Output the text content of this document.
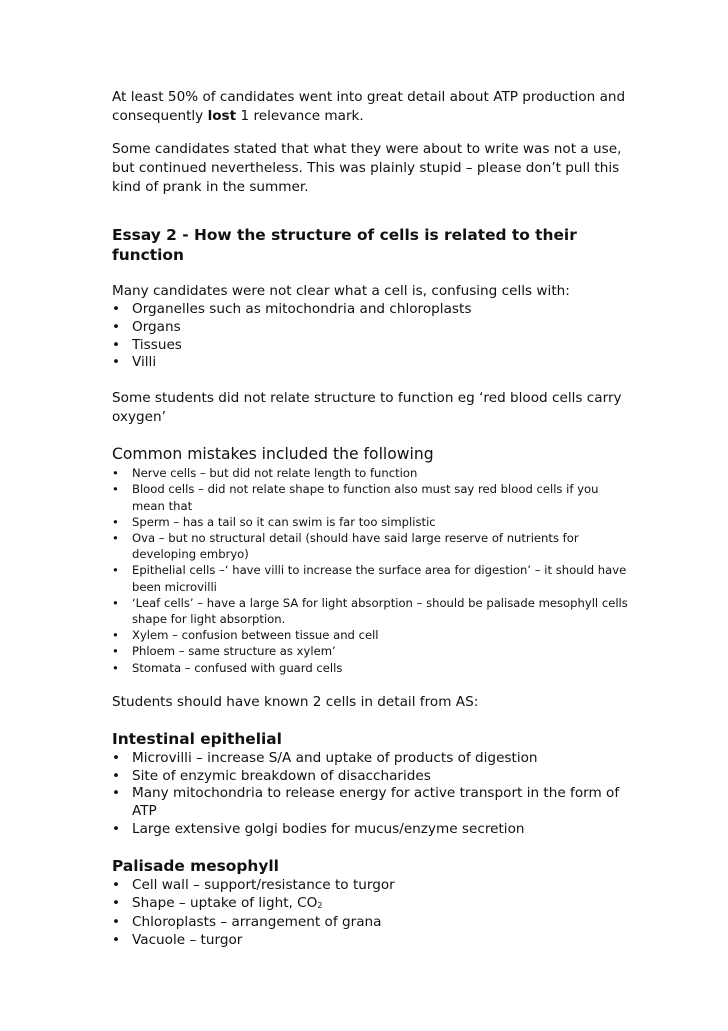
At least 50% of candidates went into great detail about ATP production and consequently lost 1 relevance mark.

Some candidates stated that what they were about to write was not a use, but continued nevertheless. This was plainly stupid – please don’t pull this kind of prank in the summer.

Essay 2 - How the structure of cells is related to their function

Many candidates were not clear what a cell is, confusing cells with:

• Organelles such as mitochondria and chloroplasts
• Organs
• Tissues
• Villi

Some students did not relate structure to function eg ‘red blood cells carry oxygen’

Common mistakes included the following
• Nerve cells – but did not relate length to function
• Blood cells – did not relate shape to function also must say red blood cells if you mean that
• Sperm – has a tail so it can swim is far too simplistic
• Ova – but no structural detail (should have said large reserve of nutrients for developing embryo)
• Epithelial cells –‘ have villi to increase the surface area for digestion’ – it should have been microvilli
• ‘Leaf cells’ – have a large SA for light absorption – should be palisade mesophyll cells shape for light absorption.
• Xylem – confusion between tissue and cell
• Phloem – same structure as xylem’
• Stomata – confused with guard cells

Students should have known 2 cells in detail from AS:

Intestinal epithelial
• Microvilli – increase S/A and uptake of products of digestion
• Site of enzymic breakdown of disaccharides
• Many mitochondria to release energy for active transport in the form of ATP
• Large extensive golgi bodies for mucus/enzyme secretion
Palisade mesophyll
• Cell wall – support/resistance to turgor
• Shape – uptake of light, $CO_2$
• Chloroplasts – arrangement of grana
• Vacuole – turgor
